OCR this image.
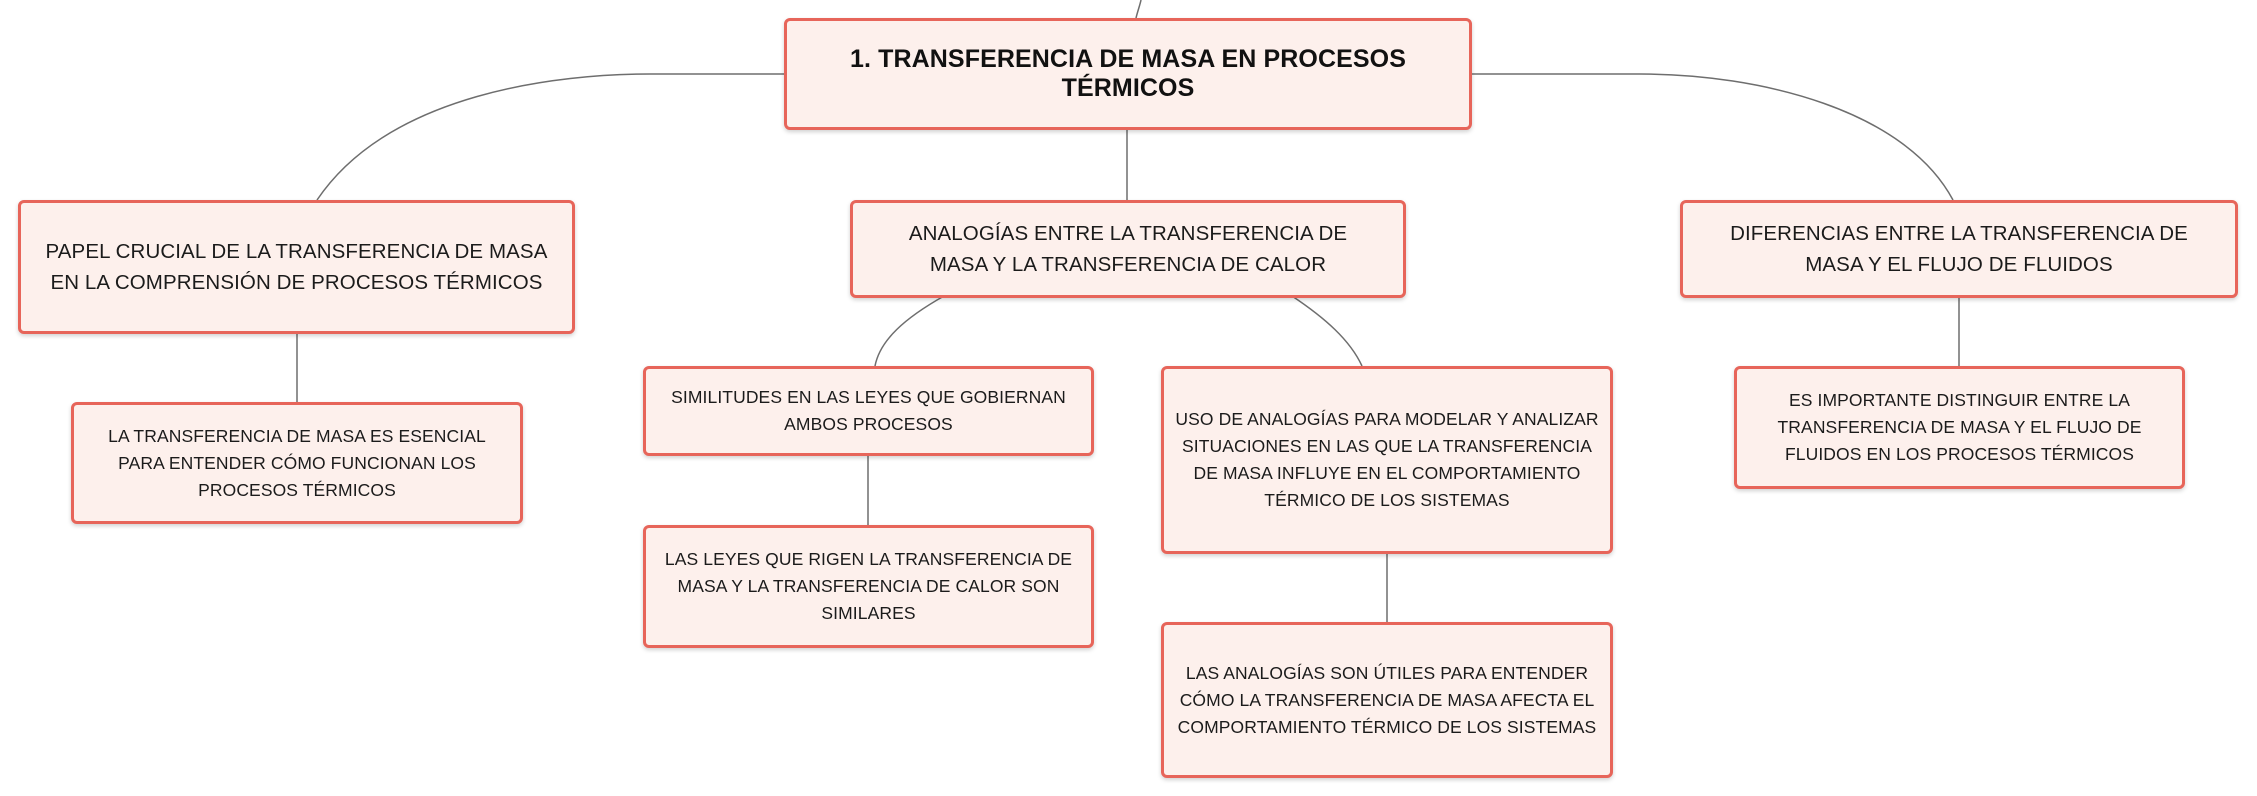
1. TRANSFERENCIA DE MASA EN PROCESOS TÉRMICOS
PAPEL CRUCIAL DE LA TRANSFERENCIA DE MASA EN LA COMPRENSIÓN DE PROCESOS TÉRMICOS
ANALOGÍAS ENTRE LA TRANSFERENCIA DE MASA Y LA TRANSFERENCIA DE CALOR
DIFERENCIAS ENTRE LA TRANSFERENCIA DE MASA Y EL FLUJO DE FLUIDOS
LA TRANSFERENCIA DE MASA ES ESENCIAL PARA ENTENDER CÓMO FUNCIONAN LOS PROCESOS TÉRMICOS
SIMILITUDES EN LAS LEYES QUE GOBIERNAN AMBOS PROCESOS
LAS LEYES QUE RIGEN LA TRANSFERENCIA DE MASA Y LA TRANSFERENCIA DE CALOR SON SIMILARES
USO DE ANALOGÍAS PARA MODELAR Y ANALIZAR SITUACIONES EN LAS QUE LA TRANSFERENCIA DE MASA INFLUYE EN EL COMPORTAMIENTO TÉRMICO DE LOS SISTEMAS
LAS ANALOGÍAS SON ÚTILES PARA ENTENDER CÓMO LA TRANSFERENCIA DE MASA AFECTA EL COMPORTAMIENTO TÉRMICO DE LOS SISTEMAS
ES IMPORTANTE DISTINGUIR ENTRE LA TRANSFERENCIA DE MASA Y EL FLUJO DE FLUIDOS EN LOS PROCESOS TÉRMICOS
